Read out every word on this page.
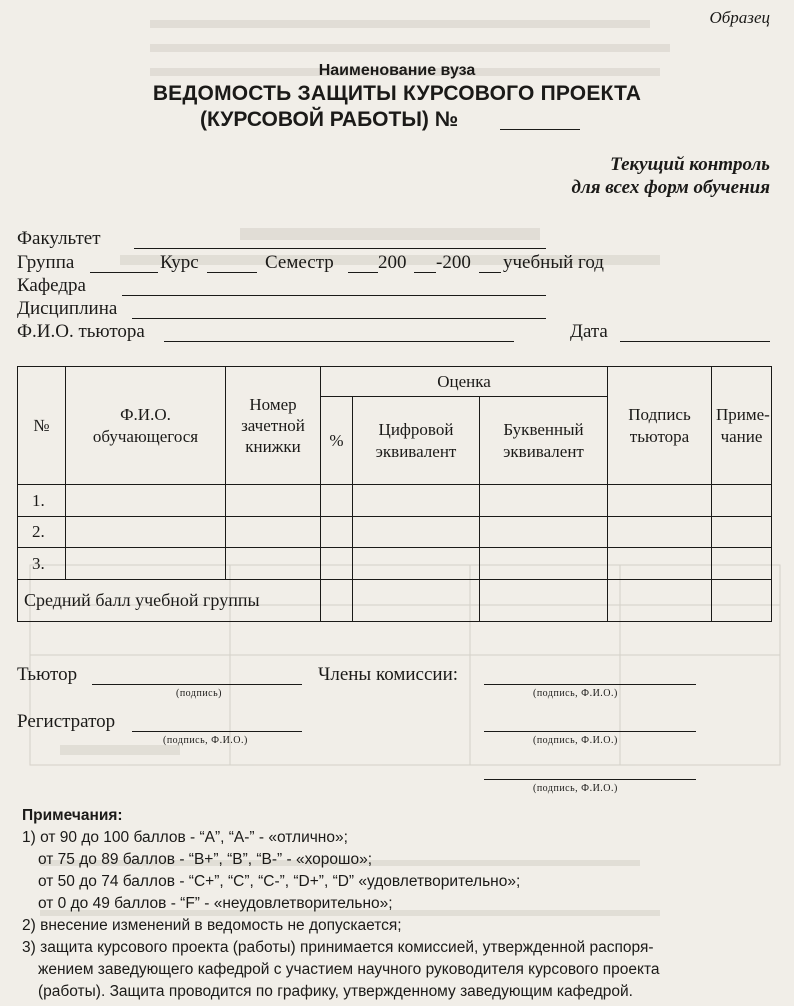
Образец
Наименование вуза
ВЕДОМОСТЬ ЗАЩИТЫ КУРСОВОГО ПРОЕКТА
(КУРСОВОЙ РАБОТЫ) №
Текущий контроль
для всех форм обучения
Факультет
Группа	Курс	Семестр 200 -200 учебный год
Кафедра
Дисциплина
Ф.И.О. тьютора	Дата
№	Ф.И.О. обучающегося	Номер зачетной книжки	Оценка			Подпись тьютора	Приме-чание
			%	Цифровой эквивалент	Буквенный эквивалент		
1.							
2.							
3.							
Средний балл учебной группы							
Тьютор
(подпись)
Члены комиссии:
(подпись, Ф.И.О.)
Регистратор
(подпись, Ф.И.О.)	(подпись, Ф.И.О.)
(подпись, Ф.И.О.)
Примечания:
1) от 90 до 100 баллов - “A”, “A-” - «отлично»;
от 75 до 89 баллов - “B+”, “B”, “B-” - «хорошо»;
от 50 до 74 баллов - “C+”, “C”, “C-”, “D+”, “D” «удовлетворительно»;
от 0 до 49 баллов - “F” - «неудовлетворительно»;
2) внесение изменений в ведомость не допускается;
3) защита курсового проекта (работы) принимается комиссией, утвержденной распоря-
жением заведующего кафедрой с участием научного руководителя курсового проекта
(работы). Защита проводится по графику, утвержденному заведующим кафедрой.
